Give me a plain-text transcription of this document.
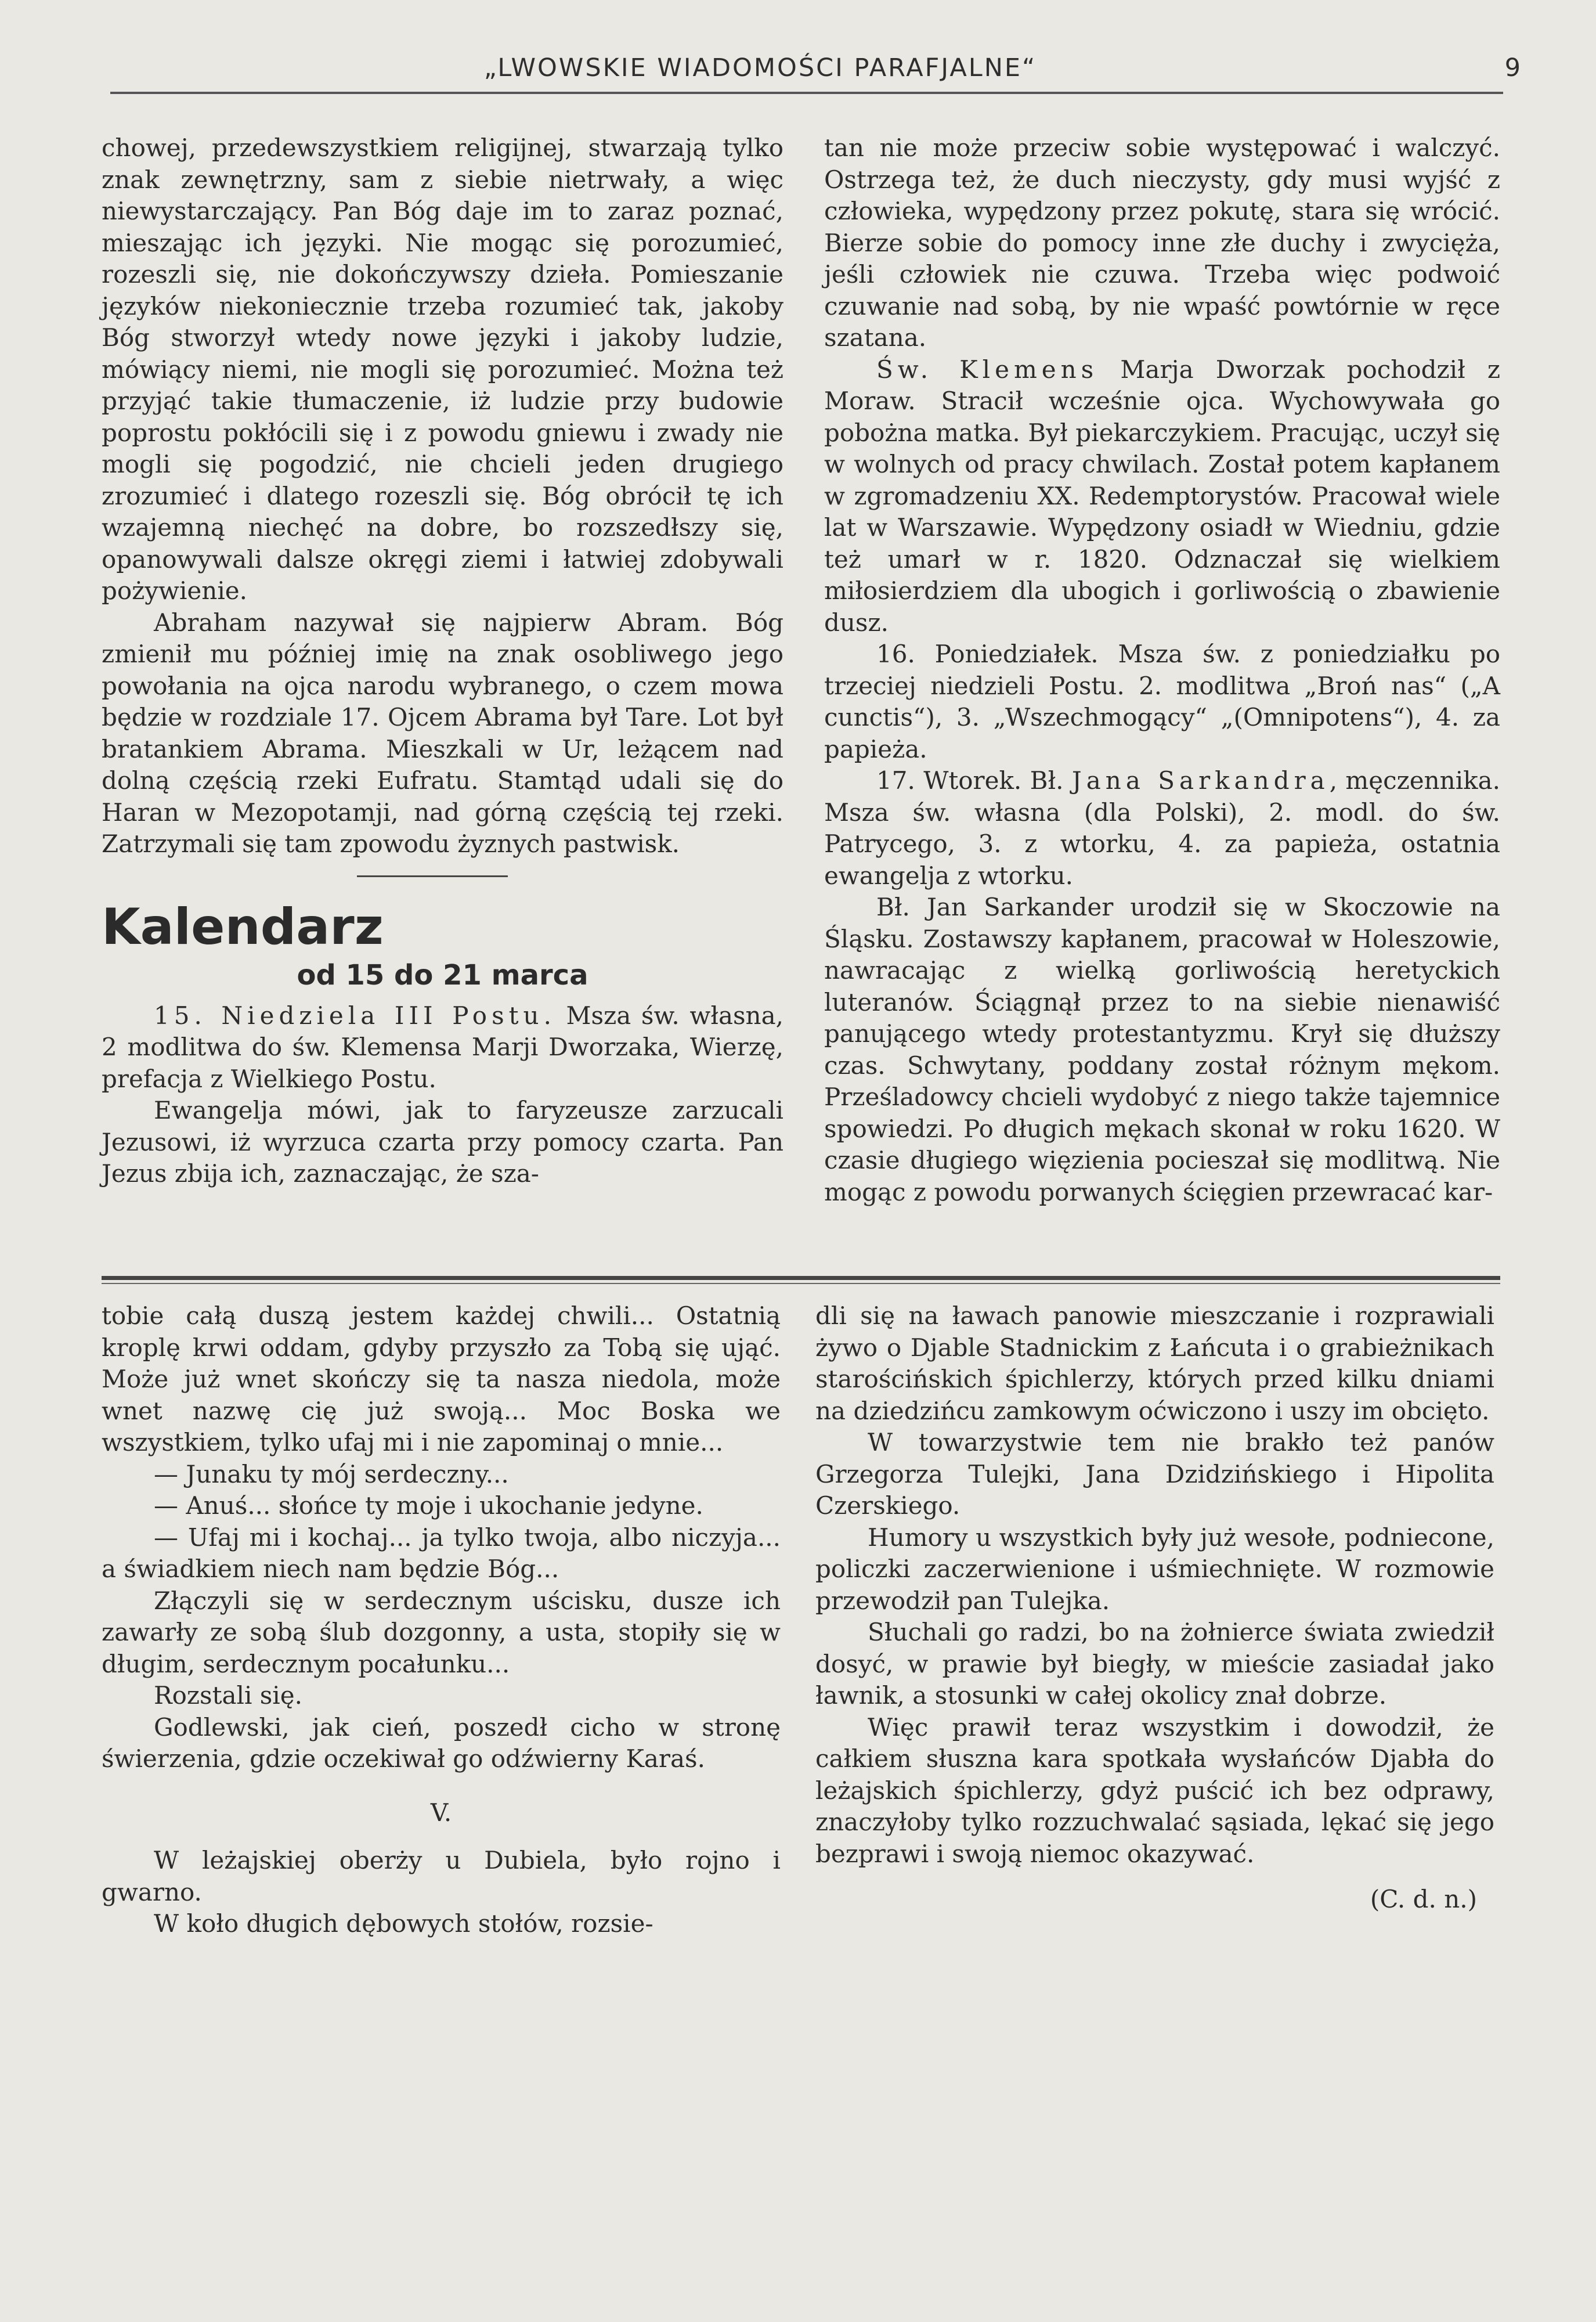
„LWOWSKIE WIADOMOŚCI PARAFJALNE“	9

chowej, przedewszystkiem religijnej, stwarzają tylko znak zewnętrzny, sam z siebie nietrwały, a więc niewystarczający. Pan Bóg daje im to zaraz poznać, mieszając ich języki. Nie mogąc się porozumieć, rozeszli się, nie dokończywszy dzieła. Pomieszanie języków niekoniecznie trzeba rozumieć tak, jakoby Bóg stworzył wtedy nowe języki i jakoby ludzie, mówiący niemi, nie mogli się porozumieć. Można też przyjąć takie tłumaczenie, iż ludzie przy budowie poprostu pokłócili się i z powodu gniewu i zwady nie mogli się pogodzić, nie chcieli jeden drugiego zrozumieć i dlatego rozeszli się. Bóg obrócił tę ich wzajemną niechęć na dobre, bo rozszedłszy się, opanowywali dalsze okręgi ziemi i łatwiej zdobywali pożywienie.

Abraham nazywał się najpierw Abram. Bóg zmienił mu później imię na znak osobliwego jego powołania na ojca narodu wybranego, o czem mowa będzie w rozdziale 17. Ojcem Abrama był Tare. Lot był bratankiem Abrama. Mieszkali w Ur, leżącem nad dolną częścią rzeki Eufratu. Stamtąd udali się do Haran w Mezopotamji, nad górną częścią tej rzeki. Zatrzymali się tam zpowodu żyznych pastwisk.

Kalendarz
od 15 do 21 marca

15. Niedziela III Postu. Msza św. własna, 2 modlitwa do św. Klemensa Marji Dworzaka, Wierzę, prefacja z Wielkiego Postu.

Ewangelja mówi, jak to faryzeusze zarzucali Jezusowi, iż wyrzuca czarta przy pomocy czarta. Pan Jezus zbija ich, zaznaczając, że sza-

tan nie może przeciw sobie występować i walczyć. Ostrzega też, że duch nieczysty, gdy musi wyjść z człowieka, wypędzony przez pokutę, stara się wrócić. Bierze sobie do pomocy inne złe duchy i zwycięża, jeśli człowiek nie czuwa. Trzeba więc podwoić czuwanie nad sobą, by nie wpaść powtórnie w ręce szatana.

Św. Klemens Marja Dworzak pochodził z Moraw. Stracił wcześnie ojca. Wychowywała go pobożna matka. Był piekarczykiem. Pracując, uczył się w wolnych od pracy chwilach. Został potem kapłanem w zgromadzeniu XX. Redemptorystów. Pracował wiele lat w Warszawie. Wypędzony osiadł w Wiedniu, gdzie też umarł w r. 1820. Odznaczał się wielkiem miłosierdziem dla ubogich i gorliwością o zbawienie dusz.

16. Poniedziałek. Msza św. z poniedziałku po trzeciej niedzieli Postu. 2. modlitwa „Broń nas“ („A cunctis“), 3. „Wszechmogący“ „(Omnipotens“), 4. za papieża.

17. Wtorek. Bł. Jana Sarkandra, męczennika. Msza św. własna (dla Polski), 2. modl. do św. Patrycego, 3. z wtorku, 4. za papieża, ostatnia ewangelja z wtorku.

Bł. Jan Sarkander urodził się w Skoczowie na Śląsku. Zostawszy kapłanem, pracował w Holeszowie, nawracając z wielką gorliwością heretyckich luteranów. Ściągnął przez to na siebie nienawiść panującego wtedy protestantyzmu. Krył się dłuższy czas. Schwytany, poddany został różnym mękom. Prześladowcy chcieli wydobyć z niego także tajemnice spowiedzi. Po długich mękach skonał w roku 1620. W czasie długiego więzienia pocieszał się modlitwą. Nie mogąc z powodu porwanych ścięgien przewracać kar-

tobie całą duszą jestem każdej chwili... Ostatnią kroplę krwi oddam, gdyby przyszło za Tobą się ująć. Może już wnet skończy się ta nasza niedola, może wnet nazwę cię już swoją... Moc Boska we wszystkiem, tylko ufaj mi i nie zapominaj o mnie...

— Junaku ty mój serdeczny...

— Anuś... słońce ty moje i ukochanie jedyne.

— Ufaj mi i kochaj... ja tylko twoja, albo niczyja... a świadkiem niech nam będzie Bóg...

Złączyli się w serdecznym uścisku, dusze ich zawarły ze sobą ślub dozgonny, a usta, stopiły się w długim, serdecznym pocałunku...

Rozstali się.

Godlewski, jak cień, poszedł cicho w stronę świerzenia, gdzie oczekiwał go odźwierny Karaś.

V.

W leżajskiej oberży u Dubiela, było rojno i gwarno.

W koło długich dębowych stołów, rozsie-

dli się na ławach panowie mieszczanie i rozprawiali żywo o Djable Stadnickim z Łańcuta i o grabieżnikach starościńskich śpichlerzy, których przed kilku dniami na dziedzińcu zamkowym oćwiczono i uszy im obcięto.

W towarzystwie tem nie brakło też panów Grzegorza Tulejki, Jana Dzidzińskiego i Hipolita Czerskiego.

Humory u wszystkich były już wesołe, podniecone, policzki zaczerwienione i uśmiechnięte. W rozmowie przewodził pan Tulejka.

Słuchali go radzi, bo na żołnierce świata zwiedził dosyć, w prawie był biegły, w mieście zasiadał jako ławnik, a stosunki w całej okolicy znał dobrze.

Więc prawił teraz wszystkim i dowodził, że całkiem słuszna kara spotkała wysłańców Djabła do leżajskich śpichlerzy, gdyż puścić ich bez odprawy, znaczyłoby tylko rozzuchwalać sąsiada, lękać się jego bezprawi i swoją niemoc okazywać.

(C. d. n.)
